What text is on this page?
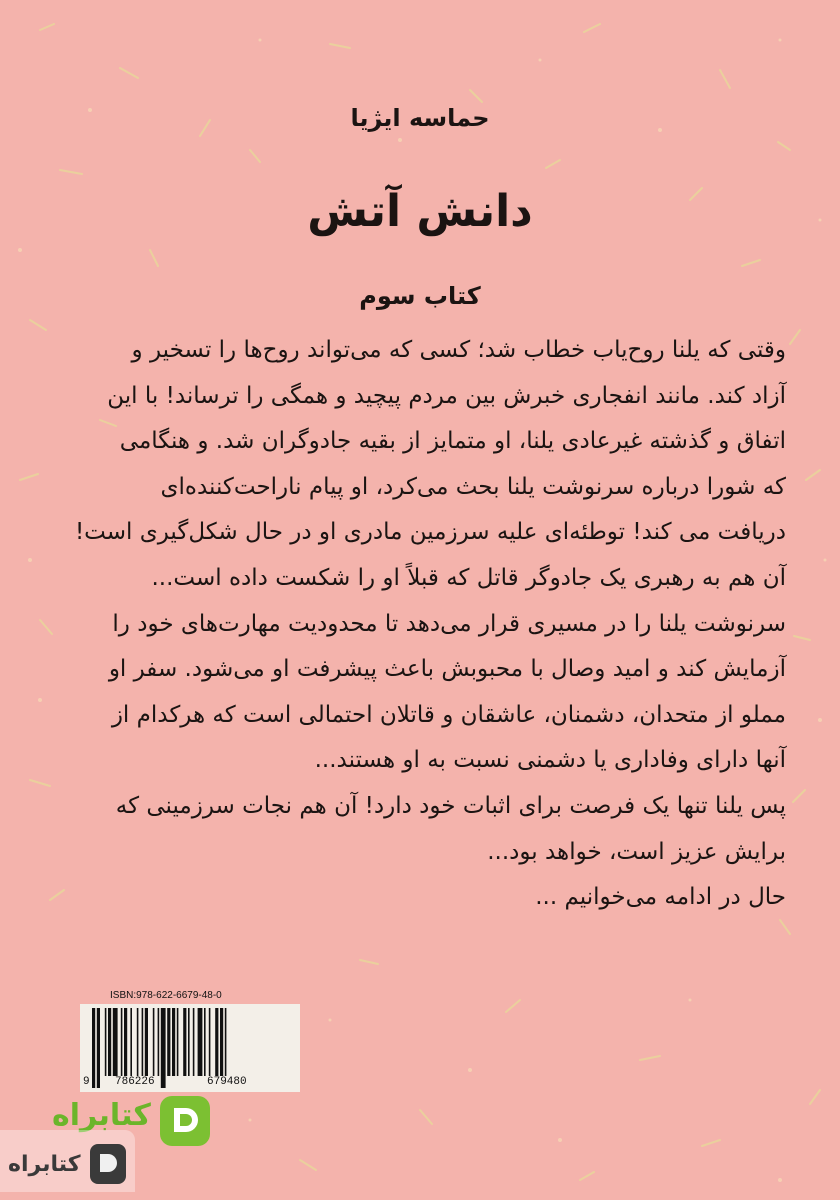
حماسه ایژیا
دانش آتش
کتاب سوم
وقتی که یلنا روح‌یاب خطاب شد؛ کسی که می‌تواند روح‌ها را تسخیر و
آزاد کند. مانند انفجاری خبرش بین مردم پیچید و همگی را ترساند! با این
اتفاق و گذشته غیرعادی یلنا، او متمایز از بقیه جادوگران شد. و هنگامی
که شورا درباره سرنوشت یلنا بحث می‌کرد، او پیام ناراحت‌کننده‌ای
دریافت می کند! توطئه‌ای علیه سرزمین مادری او در حال شکل‌گیری است!
آن هم به رهبری یک جادوگر قاتل که قبلاً او را شکست داده است...
سرنوشت یلنا را در مسیری قرار می‌دهد تا محدودیت مهارت‌های خود را
آزمایش کند و امید وصال با محبوبش باعث پیشرفت او می‌شود. سفر او
مملو از متحدان، دشمنان، عاشقان و قاتلان احتمالی است که هرکدام از
آنها دارای وفاداری یا دشمنی نسبت به او هستند...
پس یلنا تنها یک فرصت برای اثبات خود دارد! آن هم نجات سرزمینی که
برایش عزیز است، خواهد بود...
حال در ادامه می‌خوانیم ...
ISBN:978-622-6679-48-0
9 786226	679480
کتابراه
کتابراه
